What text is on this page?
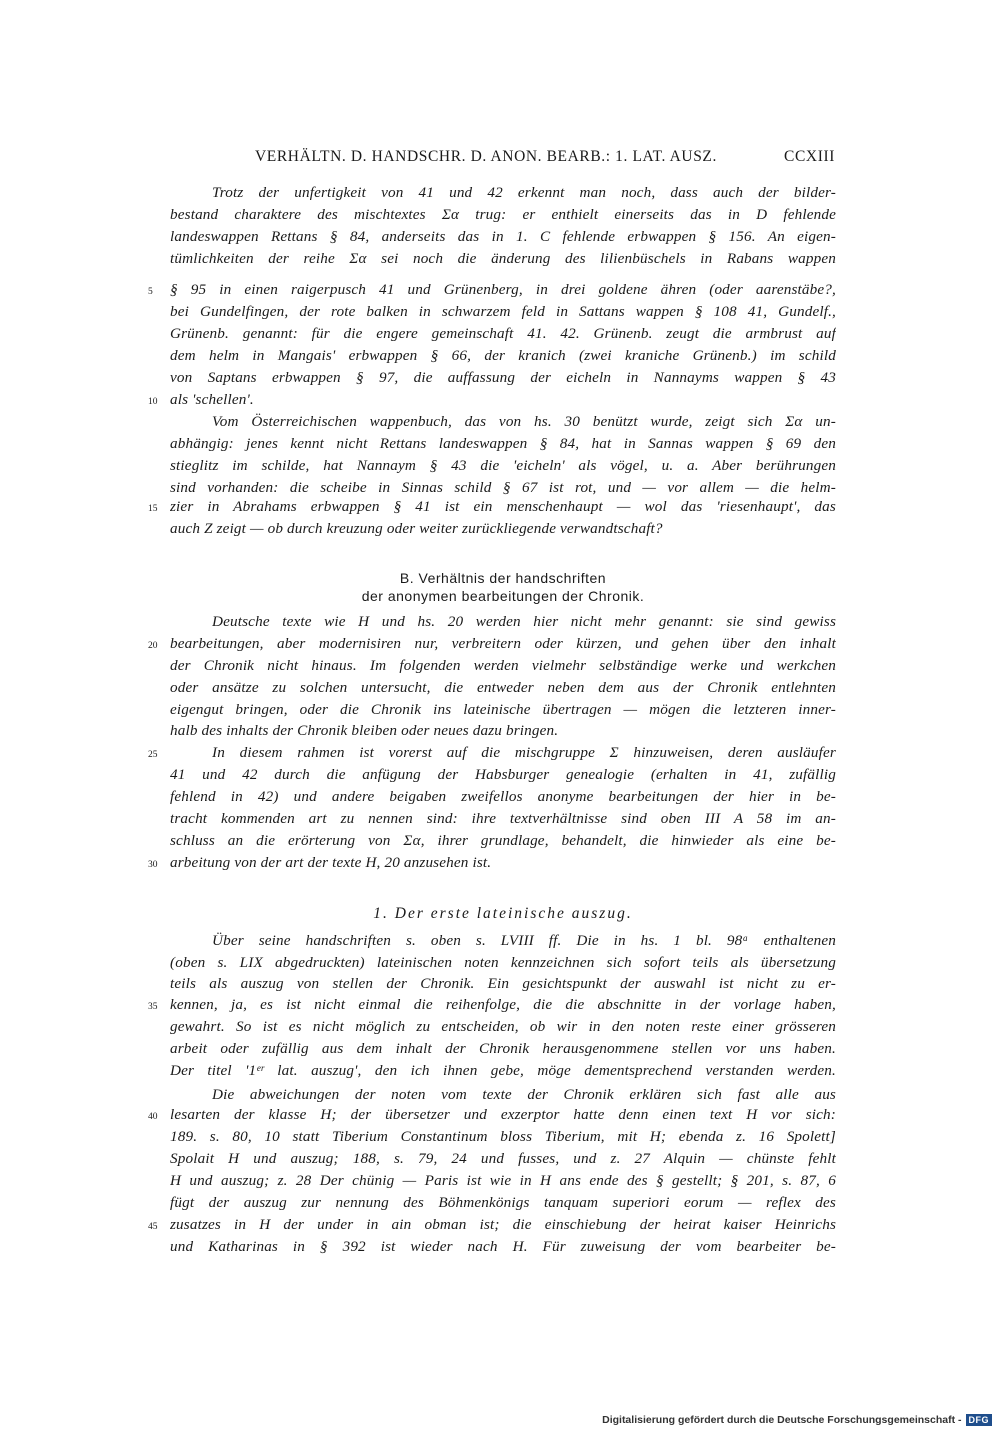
VERHÄLTN. D. HANDSCHR. D. ANON. BEARB.: 1. LAT. AUSZ.	CCXIII
Trotz der unfertigkeit von 41 und 42 erkennt man noch, dass auch der bilder-
bestand charaktere des mischtextes Σα trug: er enthielt einerseits das in D fehlende
landeswappen Rettans § 84, anderseits das in 1. C fehlende erbwappen § 156. An eigen-
tümlichkeiten der reihe Σα sei noch die änderung des lilienbüschels in Rabans wappen
5 § 95 in einen raigerpusch 41 und Grünenberg, in drei goldene ähren (oder aarenstäbe?,
bei Gundelfingen, der rote balken in schwarzem feld in Sattans wappen § 108 41, Gundelf.,
Grünenb. genannt: für die engere gemeinschaft 41. 42. Grünenb. zeugt die armbrust auf
dem helm in Mangais' erbwappen § 66, der kranich (zwei kraniche Grünenb.) im schild
von Saptans erbwappen § 97, die auffassung der eicheln in Nannayms wappen § 43
10 als 'schellen'.
Vom Österreichischen wappenbuch, das von hs. 30 benützt wurde, zeigt sich Σα un-
abhängig: jenes kennt nicht Rettans landeswappen § 84, hat in Sannas wappen § 69 den
stieglitz im schilde, hat Nannaym § 43 die 'eicheln' als vögel, u. a. Aber berührungen
sind vorhanden: die scheibe in Sinnas schild § 67 ist rot, und — vor allem — die helm-
15 zier in Abrahams erbwappen § 41 ist ein menschenhaupt — wol das 'riesenhaupt', das
auch Z zeigt — ob durch kreuzung oder weiter zurückliegende verwandtschaft?
B. Verhältnis der handschriften
der anonymen bearbeitungen der Chronik.
Deutsche texte wie H und hs. 20 werden hier nicht mehr genannt: sie sind gewiss
20 bearbeitungen, aber modernisiren nur, verbreitern oder kürzen, und gehen über den inhalt
der Chronik nicht hinaus. Im folgenden werden vielmehr selbständige werke und werkchen
oder ansätze zu solchen untersucht, die entweder neben dem aus der Chronik entlehnten
eigengut bringen, oder die Chronik ins lateinische übertragen — mögen die letzteren inner-
halb des inhalts der Chronik bleiben oder neues dazu bringen.
25	In diesem rahmen ist vorerst auf die mischgruppe Σ hinzuweisen, deren ausläufer
41 und 42 durch die anfügung der Habsburger genealogie (erhalten in 41, zufällig
fehlend in 42) und andere beigaben zweifellos anonyme bearbeitungen der hier in be-
tracht kommenden art zu nennen sind: ihre textverhältnisse sind oben III A 58 im an-
schluss an die erörterung von Σα, ihrer grundlage, behandelt, die hinwieder als eine be-
30 arbeitung von der art der texte H, 20 anzusehen ist.
1. Der erste lateinische auszug.
Über seine handschriften s. oben s. LVIII ff. Die in hs. 1 bl. 98ᵃ enthaltenen
(oben s. LIX abgedruckten) lateinischen noten kennzeichnen sich sofort teils als übersetzung
teils als auszug von stellen der Chronik. Ein gesichtspunkt der auswahl ist nicht zu er-
35 kennen, ja, es ist nicht einmal die reihenfolge, die die abschnitte in der vorlage haben,
gewahrt. So ist es nicht möglich zu entscheiden, ob wir in den noten reste einer grösseren
arbeit oder zufällig aus dem inhalt der Chronik herausgenommene stellen vor uns haben.
Der titel '1ᵉʳ lat. auszug', den ich ihnen gebe, möge dementsprechend verstanden werden.
Die abweichungen der noten vom texte der Chronik erklären sich fast alle aus
40 lesarten der klasse H; der übersetzer und exzerptor hatte denn einen text H vor sich:
189. s. 80, 10 statt Tiberium Constantinum bloss Tiberium, mit H; ebenda z. 16 Spolett]
Spolait H und auszug; 188, s. 79, 24 und fusses, und z. 27 Alquin — chünste fehlt
H und auszug; z. 28 Der chünig — Paris ist wie in H ans ende des § gestellt; § 201, s. 87, 6
fügt der auszug zur nennung des Böhmenkönigs tanquam superiori eorum — reflex des
45 zusatzes in H der under in ain obman ist; die einschiebung der heirat kaiser Heinrichs
und Katharinas in § 392 ist wieder nach H. Für zuweisung der vom bearbeiter be-
Digitalisierung gefördert durch die Deutsche Forschungsgemeinschaft - DFG
